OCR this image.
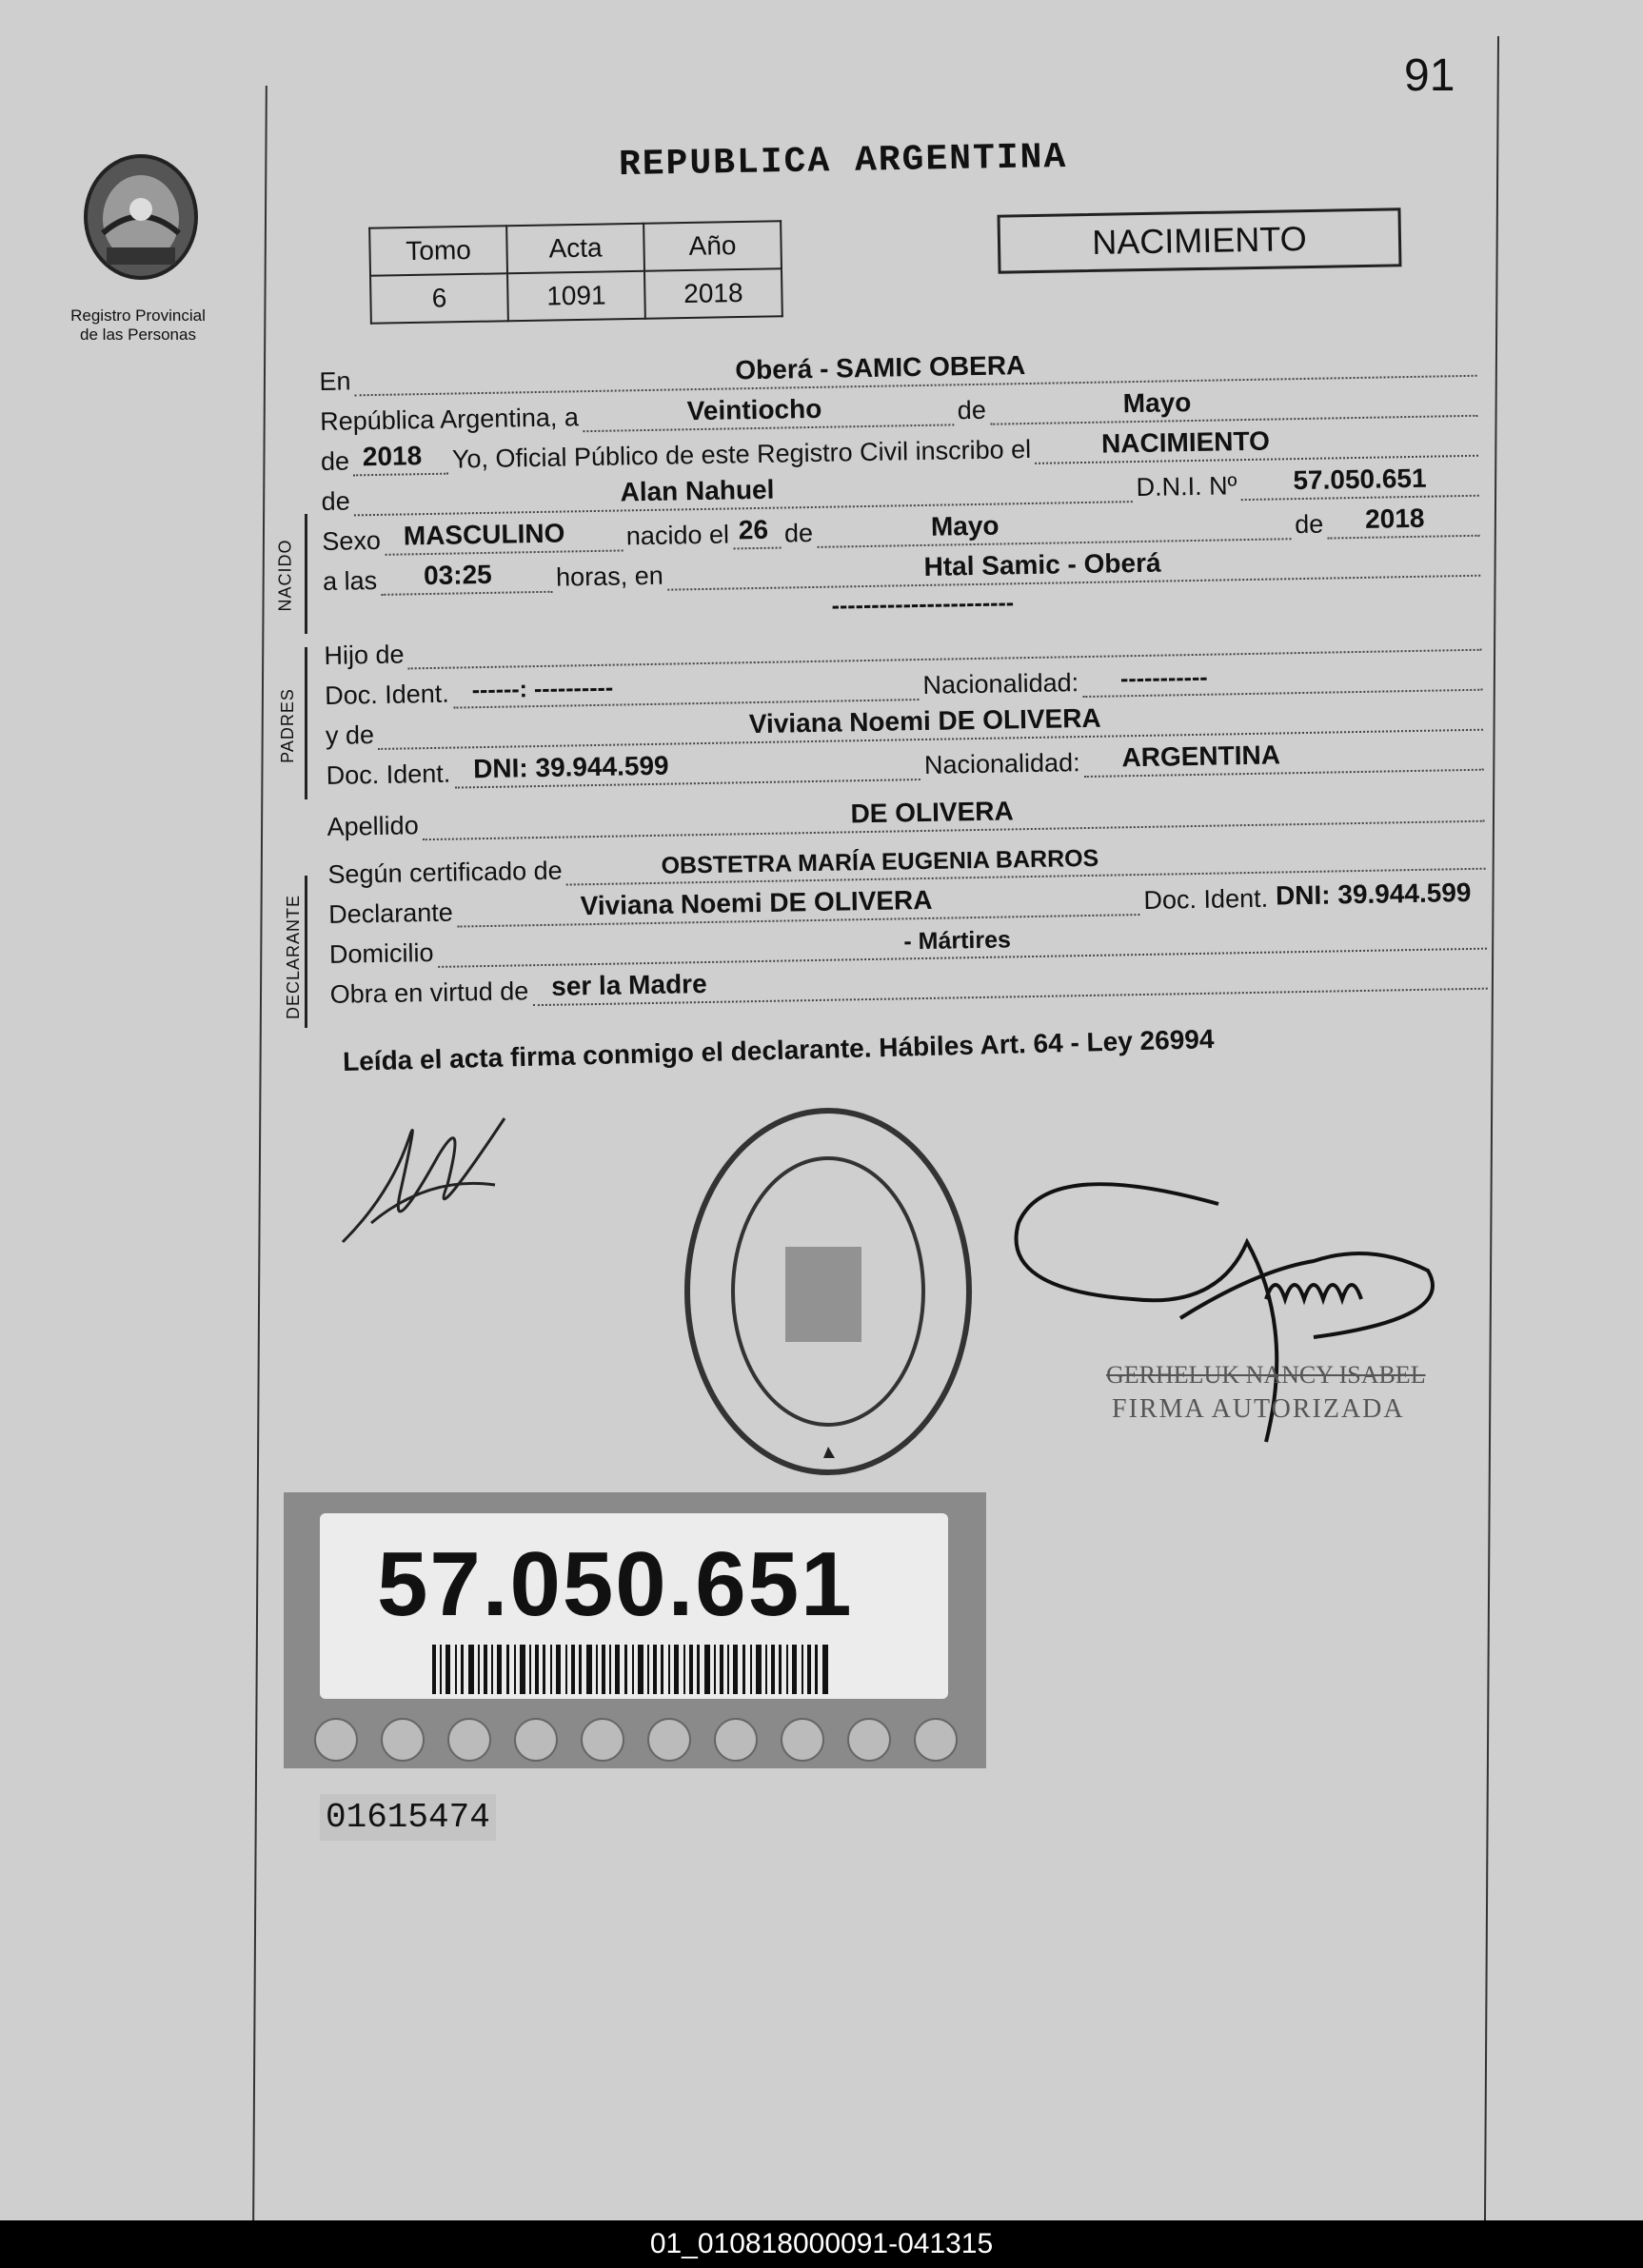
91
Registro Provincial
de las Personas
REPUBLICA ARGENTINA
Tomo	Acta	Año
6	1091	2018
NACIMIENTO
NACIDO
PADRES
DECLARANTE
En	Oberá - SAMIC OBERA
República Argentina, a	Veintiocho	de	Mayo
de 2018 Yo, Oficial Público de este Registro Civil inscribo el	NACIMIENTO
de	Alan Nahuel	D.N.I. Nº 57.050.651
Sexo MASCULINO nacido el 26 de	Mayo	de 2018
a las 03:25 horas, en	Htal Samic - Oberá
-----------------------
Hijo de
Doc. Ident. ------: ----------	Nacionalidad: -----------
y de	Viviana Noemi DE OLIVERA
Doc. Ident. DNI: 39.944.599	Nacionalidad: ARGENTINA
Apellido	DE OLIVERA
Según certificado de	OBSTETRA MARÍA EUGENIA BARROS
Declarante	Viviana Noemi DE OLIVERA	Doc. Ident. DNI: 39.944.599
Domicilio	- Mártires
Obra en virtud de ser la Madre
Leída el acta firma conmigo el declarante. Hábiles Art. 64 - Ley 26994
GERHELUK NANCY ISABEL
FIRMA AUTORIZADA
57.050.651
01615474
01_010818000091-041315
